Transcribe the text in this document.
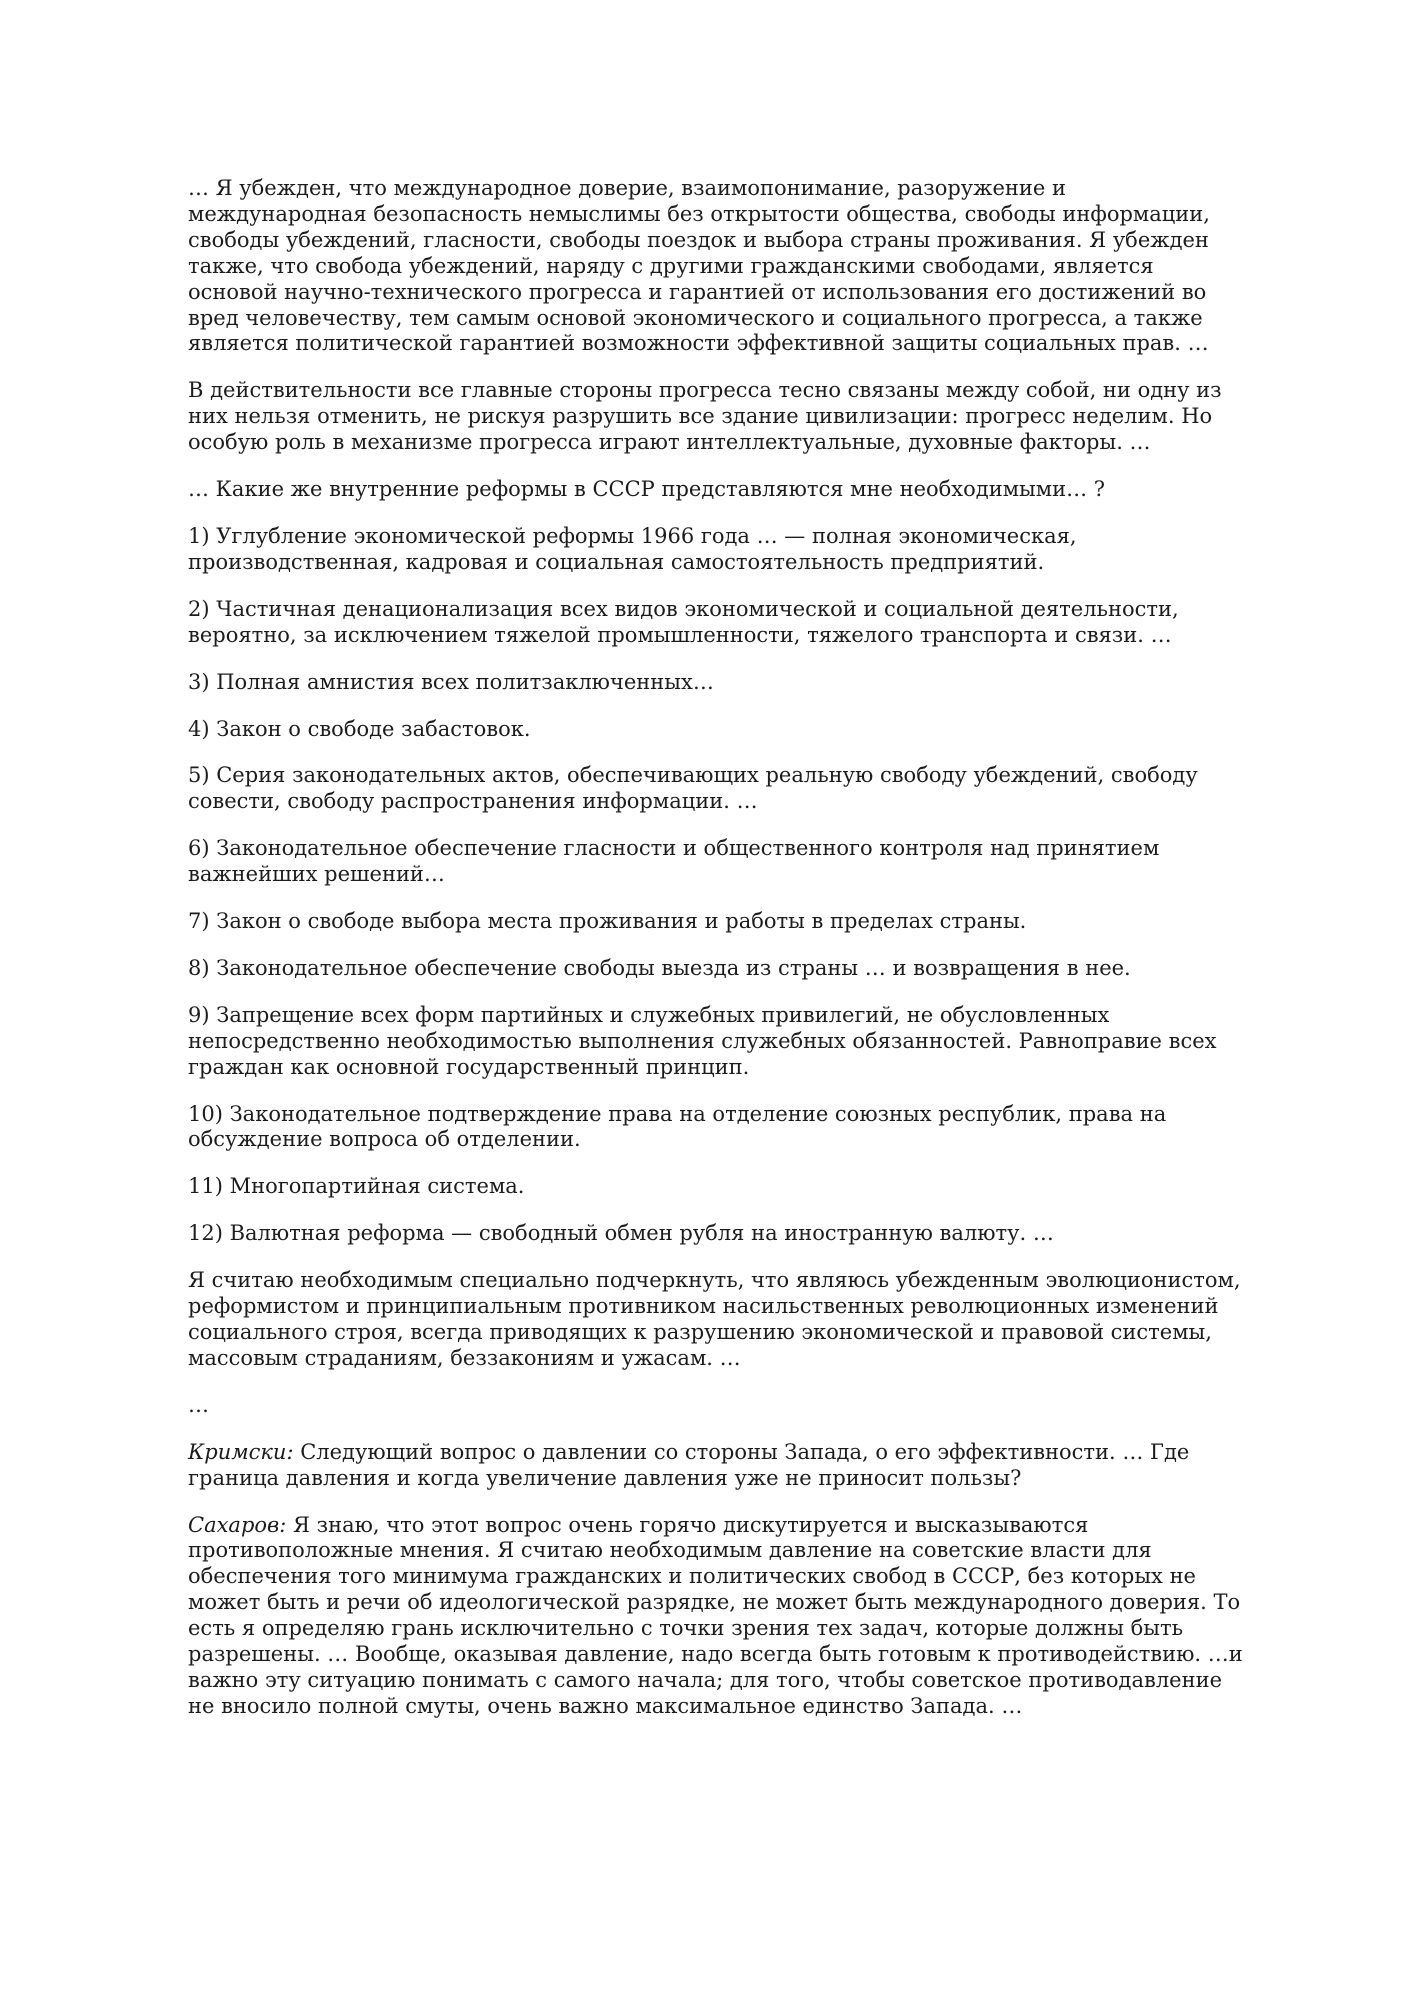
… Я убежден, что международное доверие, взаимопонимание, разоружение и международная безопасность немыслимы без открытости общества, свободы информации, свободы убеждений, гласности, свободы поездок и выбора страны проживания. Я убежден также, что свобода убеждений, наряду с другими гражданскими свободами, является основой научно-технического прогресса и гарантией от использования его достижений во вред человечеству, тем самым основой экономического и социального прогресса, а также является политической гарантией возможности эффективной защиты социальных прав. …

В действительности все главные стороны прогресса тесно связаны между собой, ни одну из них нельзя отменить, не рискуя разрушить все здание цивилизации: прогресс неделим. Но особую роль в механизме прогресса играют интеллектуальные, духовные факторы. …

… Какие же внутренние реформы в СССР представляются мне необходимыми… ?

1) Углубление экономической реформы 1966 года … — полная экономическая, производственная, кадровая и социальная самостоятельность предприятий.

2) Частичная денационализация всех видов экономической и социальной деятельности, вероятно, за исключением тяжелой промышленности, тяжелого транспорта и связи. …

3) Полная амнистия всех политзаключенных…

4) Закон о свободе забастовок.

5) Серия законодательных актов, обеспечивающих реальную свободу убеждений, свободу совести, свободу распространения информации. …

6) Законодательное обеспечение гласности и общественного контроля над принятием важнейших решений…

7) Закон о свободе выбора места проживания и работы в пределах страны.

8) Законодательное обеспечение свободы выезда из страны … и возвращения в нее.

9) Запрещение всех форм партийных и служебных привилегий, не обусловленных непосредственно необходимостью выполнения служебных обязанностей. Равноправие всех граждан как основной государственный принцип.

10) Законодательное подтверждение права на отделение союзных республик, права на обсуждение вопроса об отделении.

11) Многопартийная система.

12) Валютная реформа — свободный обмен рубля на иностранную валюту. …

Я считаю необходимым специально подчеркнуть, что являюсь убежденным эволюционистом, реформистом и принципиальным противником насильственных революционных изменений социального строя, всегда приводящих к разрушению экономической и правовой системы, массовым страданиям, беззакониям и ужасам. …

…

Кримски: Следующий вопрос о давлении со стороны Запада, о его эффективности. … Где граница давления и когда увеличение давления уже не приносит пользы?

Сахаров: Я знаю, что этот вопрос очень горячо дискутируется и высказываются противоположные мнения. Я считаю необходимым давление на советские власти для обеспечения того минимума гражданских и политических свобод в СССР, без которых не может быть и речи об идеологической разрядке, не может быть международного доверия. То есть я определяю грань исключительно с точки зрения тех задач, которые должны быть разрешены. … Вообще, оказывая давление, надо всегда быть готовым к противодействию. …и важно эту ситуацию понимать с самого начала; для того, чтобы советское противодавление не вносило полной смуты, очень важно максимальное единство Запада. …
